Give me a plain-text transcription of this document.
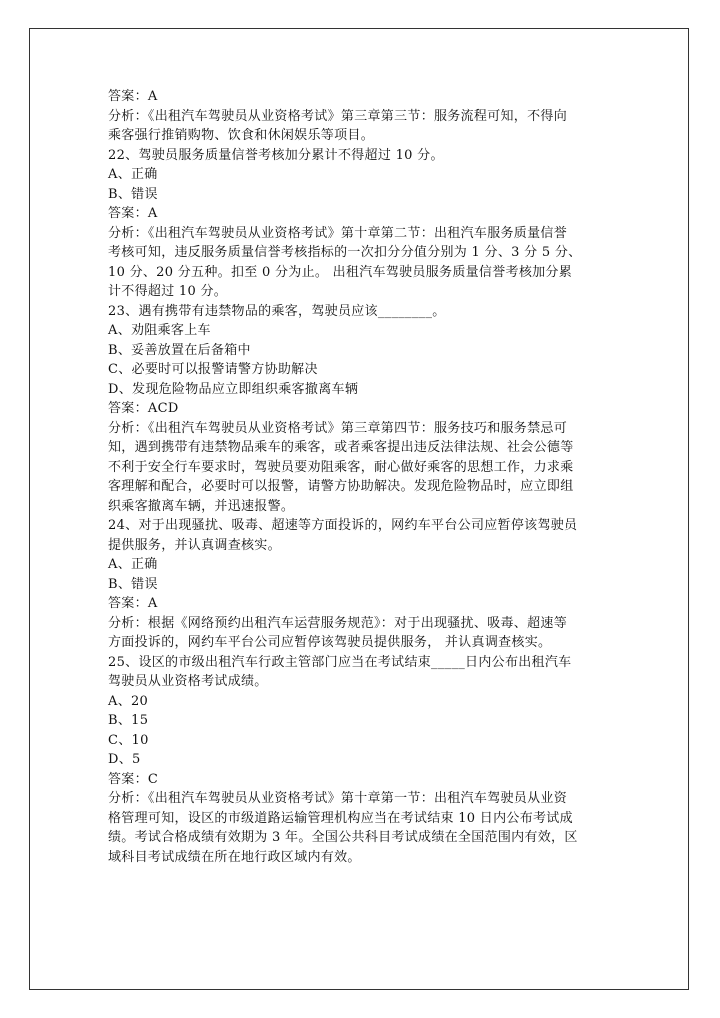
答案：A
分析：《出租汽车驾驶员从业资格考试》第三章第三节：服务流程可知，不得向
乘客强行推销购物、饮食和休闲娱乐等项目。
22、驾驶员服务质量信誉考核加分累计不得超过 10 分。
A、正确
B、错误
答案：A
分析：《出租汽车驾驶员从业资格考试》第十章第二节：出租汽车服务质量信誉
考核可知，违反服务质量信誉考核指标的一次扣分分值分别为 1 分、3 分 5 分、
10 分、20 分五种。扣至 0 分为止。 出租汽车驾驶员服务质量信誉考核加分累
计不得超过 10 分。
23、遇有携带有违禁物品的乘客，驾驶员应该________。
A、劝阻乘客上车
B、妥善放置在后备箱中
C、必要时可以报警请警方协助解决
D、发现危险物品应立即组织乘客撤离车辆
答案：ACD
分析：《出租汽车驾驶员从业资格考试》第三章第四节：服务技巧和服务禁忌可
知，遇到携带有违禁物品乘车的乘客，或者乘客提出违反法律法规、社会公德等
不利于安全行车要求时，驾驶员要劝阻乘客，耐心做好乘客的思想工作，力求乘
客理解和配合，必要时可以报警，请警方协助解决。发现危险物品时，应立即组
织乘客撤离车辆，并迅速报警。
24、对于出现骚扰、吸毒、超速等方面投诉的，网约车平台公司应暂停该驾驶员
提供服务，并认真调查核实。
A、正确
B、错误
答案：A
分析：根据《网络预约出租汽车运营服务规范》：对于出现骚扰、吸毒、超速等
方面投诉的，网约车平台公司应暂停该驾驶员提供服务， 并认真调查核实。
25、设区的市级出租汽车行政主管部门应当在考试结束_____日内公布出租汽车
驾驶员从业资格考试成绩。
A、20
B、15
C、10
D、5
答案：C
分析：《出租汽车驾驶员从业资格考试》第十章第一节：出租汽车驾驶员从业资
格管理可知，设区的市级道路运输管理机构应当在考试结束 10 日内公布考试成
绩。考试合格成绩有效期为 3 年。全国公共科目考试成绩在全国范围内有效，区
域科目考试成绩在所在地行政区域内有效。
